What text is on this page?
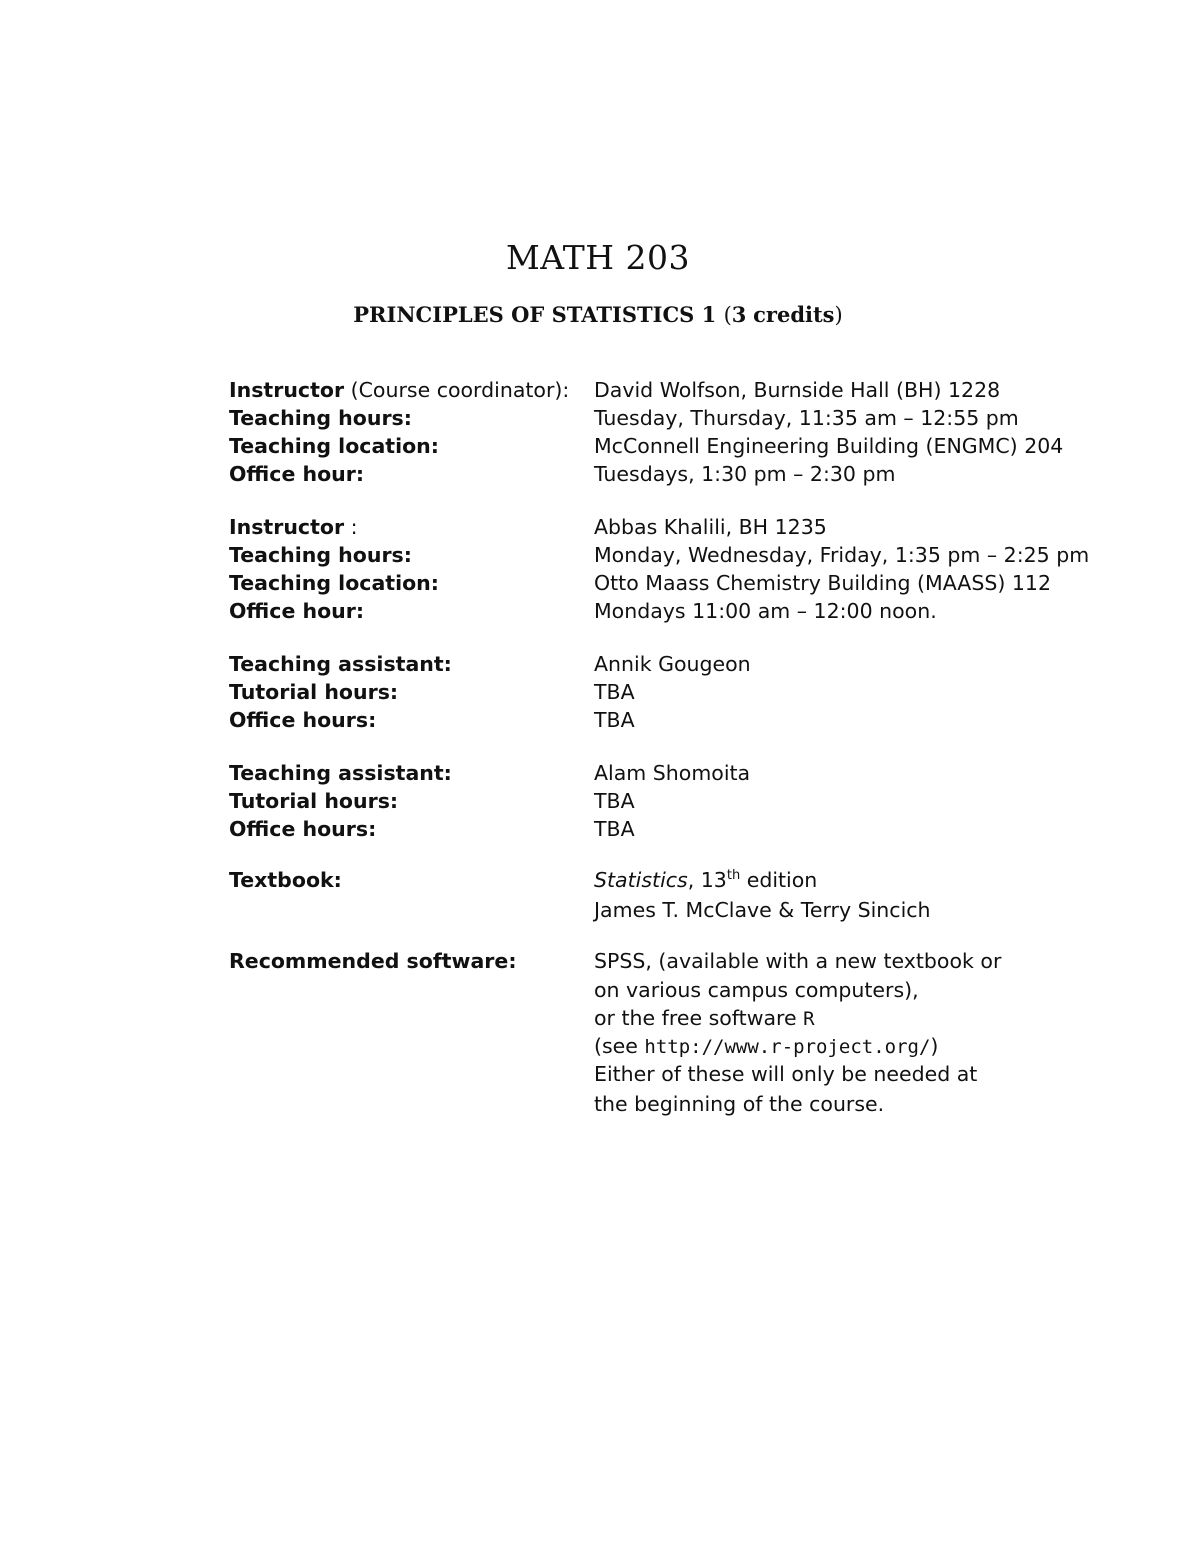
MATH 203
PRINCIPLES OF STATISTICS 1 (3 credits)
Instructor (Course coordinator): David Wolfson, Burnside Hall (BH) 1228
Teaching hours:	Tuesday, Thursday, 11:35 am – 12:55 pm
Teaching location:	McConnell Engineering Building (ENGMC) 204
Office hour:	Tuesdays, 1:30 pm – 2:30 pm
Instructor :	Abbas Khalili, BH 1235
Teaching hours:	Monday, Wednesday, Friday, 1:35 pm – 2:25 pm
Teaching location:	Otto Maass Chemistry Building (MAASS) 112
Office hour:	Mondays 11:00 am – 12:00 noon.
Teaching assistant:	Annik Gougeon
Tutorial hours:	TBA
Office hours:	TBA
Teaching assistant:	Alam Shomoita
Tutorial hours:	TBA
Office hours:	TBA
Textbook:	Statistics, 13th edition
James T. McClave & Terry Sincich
Recommended software:	SPSS, (available with a new textbook or
on various campus computers),
or the free software R
(see http://www.r-project.org/)
Either of these will only be needed at
the beginning of the course.
